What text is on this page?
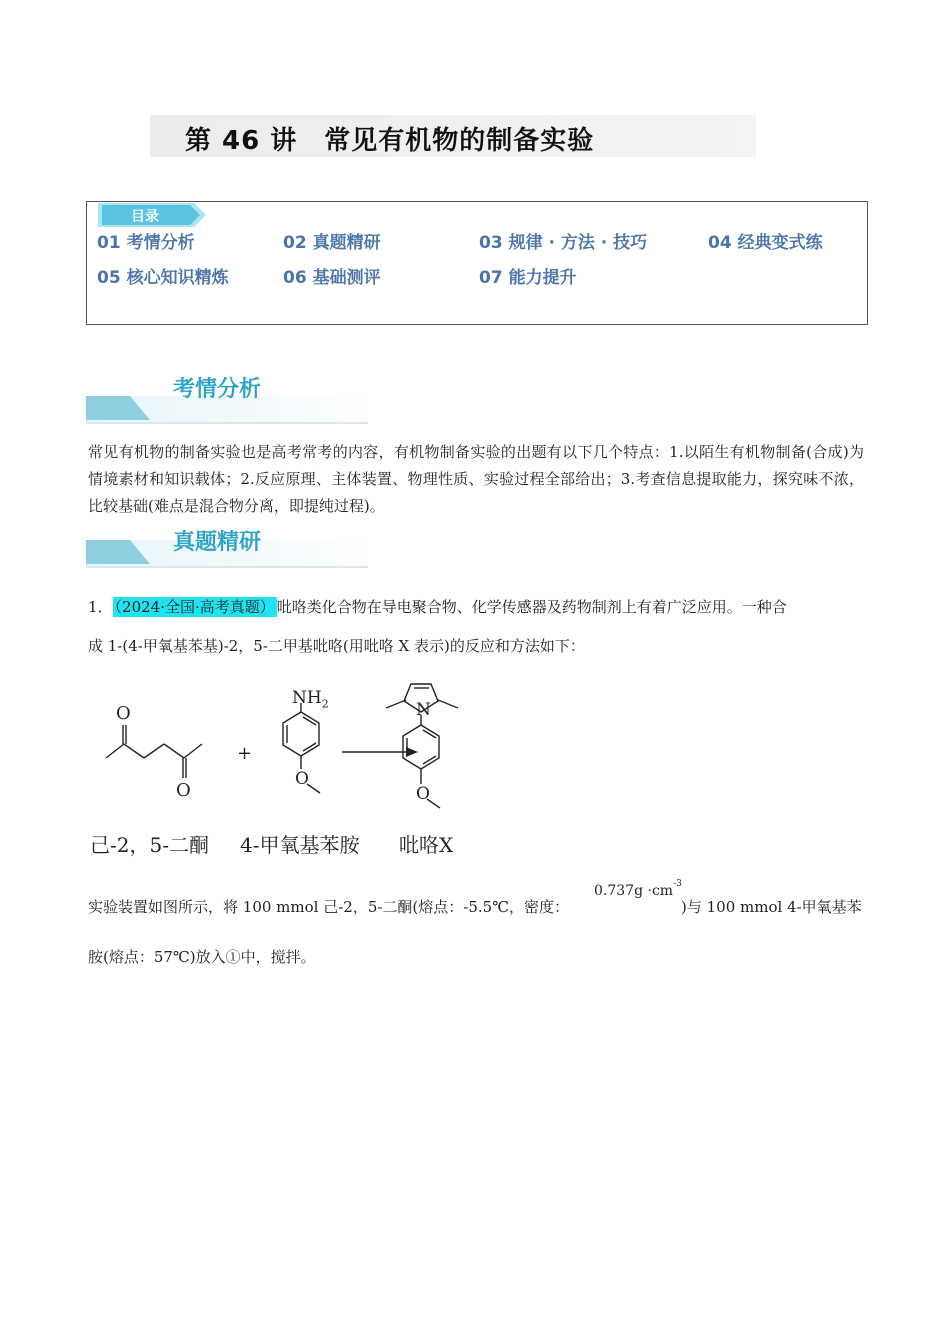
第 46 讲　常见有机物的制备实验
目录
01 考情分析	02 真题精研	03 规律 · 方法 · 技巧	04 经典变式练
05 核心知识精炼	06 基础测评	07 能力提升
考情分析
常见有机物的制备实验也是高考常考的内容，有机物制备实验的出题有以下几个特点：1.以陌生有机物制备(合成)为情境素材和知识载体；2.反应原理、主体装置、物理性质、实验过程全部给出；3.考查信息提取能力，探究味不浓，比较基础(难点是混合物分离，即提纯过程)。
真题精研
1． （2024·全国·高考真题） 吡咯类化合物在导电聚合物、化学传感器及药物制剂上有着广泛应用。一种合
成 1-(4-甲氧基苯基)-2，5-二甲基吡咯(用吡咯 X 表示)的反应和方法如下：
O
O
+
$NH_2$
O
N
O
己-2，5-二酮 4-甲氧基苯胺 吡咯X
实验装置如图所示，将 100 mmol 己-2，5-二酮(熔点：-5.5℃，密度：
$0.737g \cdot cm^{-3}$
)与 100 mmol 4-甲氧基苯
胺(熔点：57℃)放入①中，搅拌。
